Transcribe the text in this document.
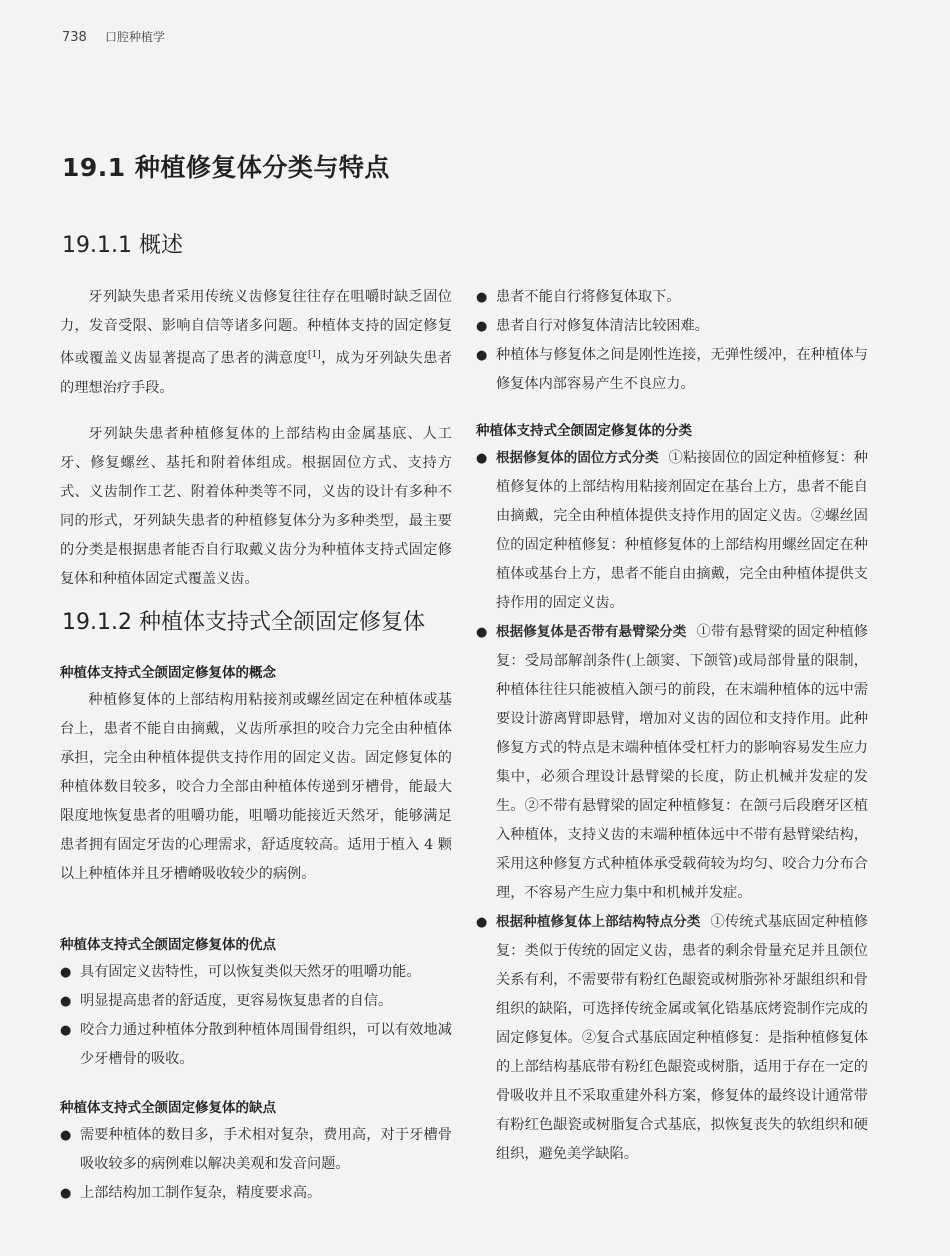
738 口腔种植学
19.1 种植修复体分类与特点
19.1.1 概述

牙列缺失患者采用传统义齿修复往往存在咀嚼时缺乏固位力，发音受限、影响自信等诸多问题。种植体支持的固定修复体或覆盖义齿显著提高了患者的满意度[1]，成为牙列缺失患者的理想治疗手段。

牙列缺失患者种植修复体的上部结构由金属基底、人工牙、修复螺丝、基托和附着体组成。根据固位方式、支持方式、义齿制作工艺、附着体种类等不同，义齿的设计有多种不同的形式，牙列缺失患者的种植修复体分为多种类型，最主要的分类是根据患者能否自行取戴义齿分为种植体支持式固定修复体和种植体固定式覆盖义齿。

19.1.2 种植体支持式全颌固定修复体
种植体支持式全颌固定修复体的概念

种植修复体的上部结构用粘接剂或螺丝固定在种植体或基台上，患者不能自由摘戴，义齿所承担的咬合力完全由种植体承担，完全由种植体提供支持作用的固定义齿。固定修复体的种植体数目较多，咬合力全部由种植体传递到牙槽骨，能最大限度地恢复患者的咀嚼功能，咀嚼功能接近天然牙，能够满足患者拥有固定牙齿的心理需求，舒适度较高。适用于植入 4 颗以上种植体并且牙槽嵴吸收较少的病例。

种植体支持式全颌固定修复体的优点
● 具有固定义齿特性，可以恢复类似天然牙的咀嚼功能。
● 明显提高患者的舒适度，更容易恢复患者的自信。
● 咬合力通过种植体分散到种植体周围骨组织，可以有效地减少牙槽骨的吸收。
种植体支持式全颌固定修复体的缺点
● 需要种植体的数目多，手术相对复杂，费用高，对于牙槽骨吸收较多的病例难以解决美观和发音问题。
● 上部结构加工制作复杂，精度要求高。
● 患者不能自行将修复体取下。
● 患者自行对修复体清洁比较困难。
● 种植体与修复体之间是刚性连接，无弹性缓冲，在种植体与修复体内部容易产生不良应力。
种植体支持式全颌固定修复体的分类
● 根据修复体的固位方式分类 ①粘接固位的固定种植修复：种植修复体的上部结构用粘接剂固定在基台上方，患者不能自由摘戴，完全由种植体提供支持作用的固定义齿。②螺丝固位的固定种植修复：种植修复体的上部结构用螺丝固定在种植体或基台上方，患者不能自由摘戴，完全由种植体提供支持作用的固定义齿。
● 根据修复体是否带有悬臂梁分类 ①带有悬臂梁的固定种植修复：受局部解剖条件(上颌窦、下颌管)或局部骨量的限制，种植体往往只能被植入颌弓的前段，在末端种植体的远中需要设计游离臂即悬臂，增加对义齿的固位和支持作用。此种修复方式的特点是末端种植体受杠杆力的影响容易发生应力集中，必须合理设计悬臂梁的长度，防止机械并发症的发生。②不带有悬臂梁的固定种植修复：在颌弓后段磨牙区植入种植体，支持义齿的末端种植体远中不带有悬臂梁结构，采用这种修复方式种植体承受载荷较为均匀、咬合力分布合理，不容易产生应力集中和机械并发症。
● 根据种植修复体上部结构特点分类 ①传统式基底固定种植修复：类似于传统的固定义齿，患者的剩余骨量充足并且颌位关系有利，不需要带有粉红色龈瓷或树脂弥补牙龈组织和骨组织的缺陷，可选择传统金属或氧化锆基底烤瓷制作完成的固定修复体。②复合式基底固定种植修复：是指种植修复体的上部结构基底带有粉红色龈瓷或树脂，适用于存在一定的骨吸收并且不采取重建外科方案，修复体的最终设计通常带有粉红色龈瓷或树脂复合式基底，拟恢复丧失的软组织和硬组织，避免美学缺陷。
